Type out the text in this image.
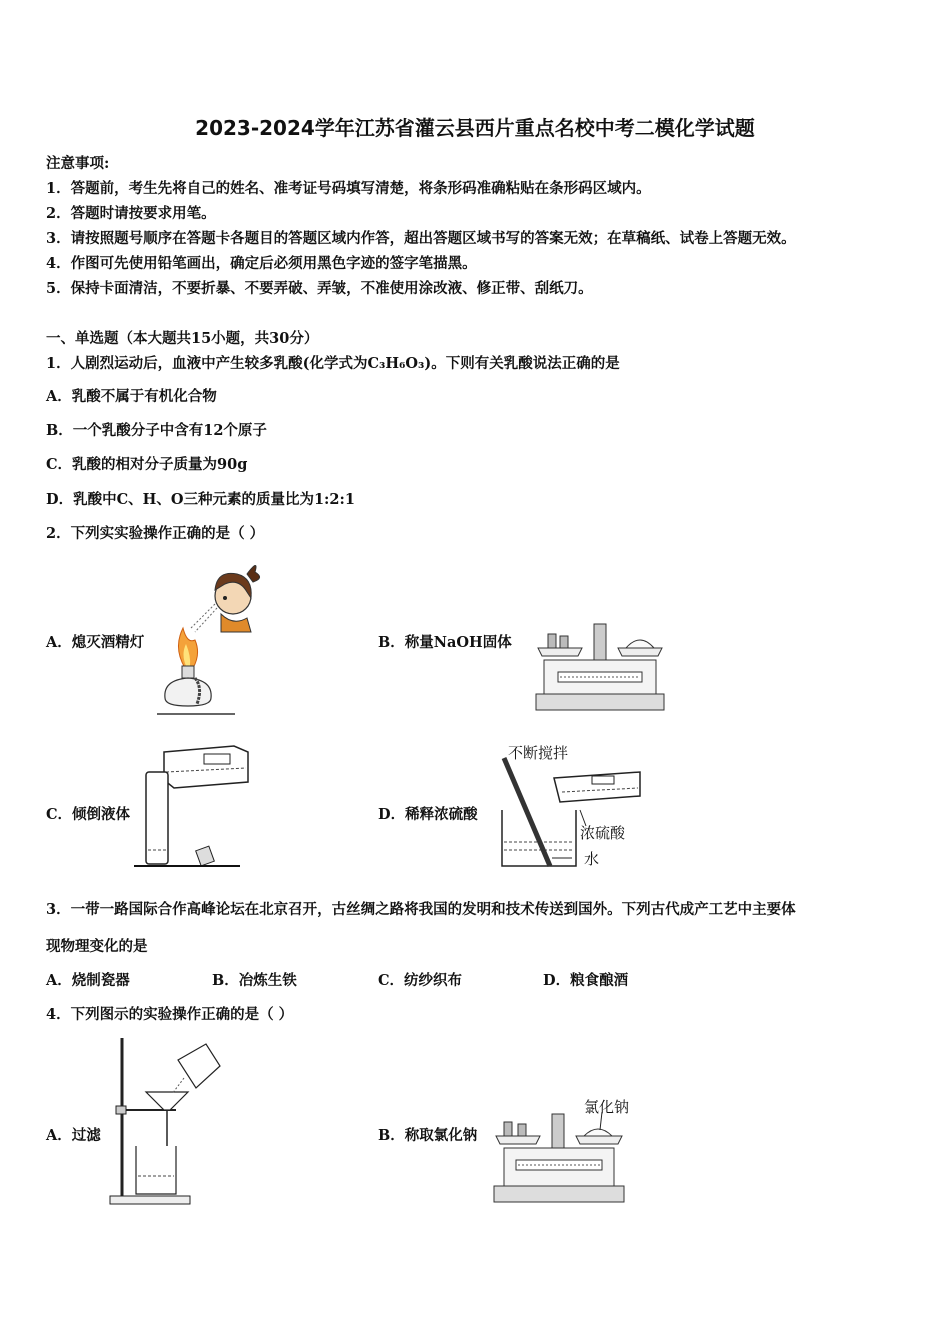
2023-2024学年江苏省灌云县西片重点名校中考二模化学试题
注意事项:
1．答题前，考生先将自己的姓名、准考证号码填写清楚，将条形码准确粘贴在条形码区域内。
2．答题时请按要求用笔。
3．请按照题号顺序在答题卡各题目的答题区域内作答，超出答题区域书写的答案无效；在草稿纸、试卷上答题无效。
4．作图可先使用铅笔画出，确定后必须用黑色字迹的签字笔描黑。
5．保持卡面清洁，不要折暴、不要弄破、弄皱，不准使用涂改液、修正带、刮纸刀。
一、单选题（本大题共15小题，共30分）
1．人剧烈运动后，血液中产生较多乳酸(化学式为C₃H₆O₃)。下则有关乳酸说法正确的是
A．乳酸不属于有机化合物
B．一个乳酸分子中含有12个原子
C．乳酸的相对分子质量为90g
D．乳酸中C、H、O三种元素的质量比为1:2:1
2．下列实实验操作正确的是（ ）
A．熄灭酒精灯	B．称量NaOH固体
C．倾倒液体	D．稀释浓硫酸
不断搅拌
浓硫酸
水
3．一带一路国际合作高峰论坛在北京召开，古丝绸之路将我国的发明和技术传送到国外。下列古代成产工艺中主要体
现物理变化的是
A．烧制瓷器	B．冶炼生铁	C．纺纱织布	D．粮食酿酒
4．下列图示的实验操作正确的是（ ）
A．过滤	B．称取氯化钠
氯化钠
